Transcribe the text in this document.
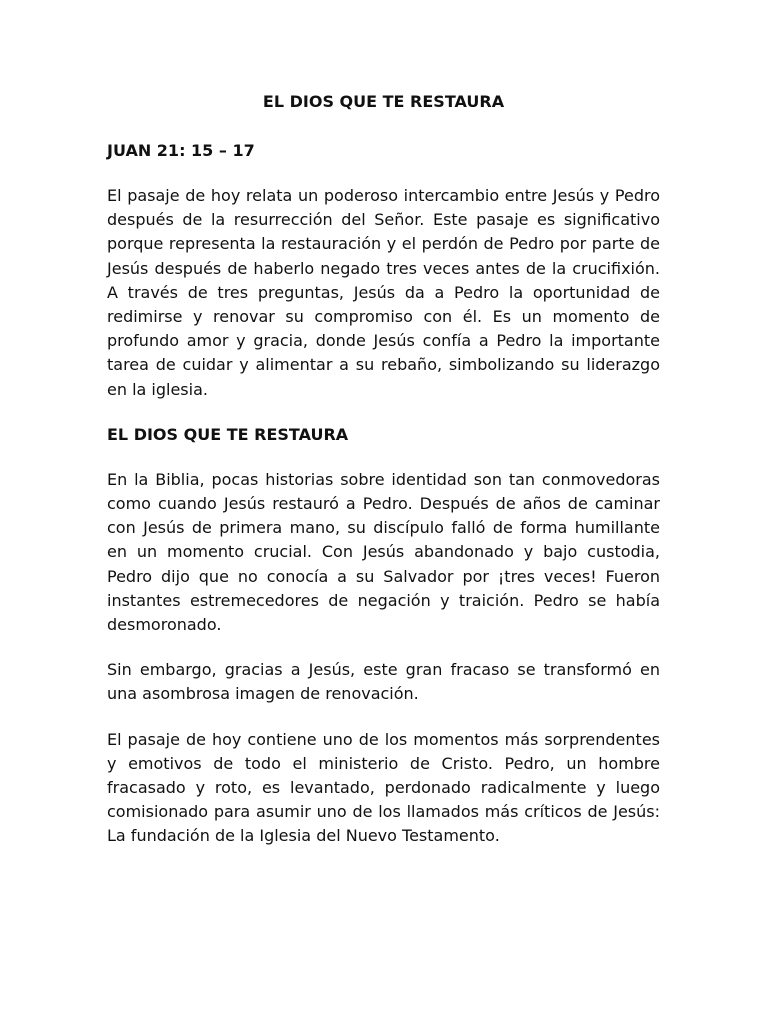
EL DIOS QUE TE RESTAURA
JUAN 21: 15 – 17

El pasaje de hoy relata un poderoso intercambio entre Jesús y Pedro después de la resurrección del Señor. Este pasaje es significativo porque representa la restauración y el perdón de Pedro por parte de Jesús después de haberlo negado tres veces antes de la crucifixión. A través de tres preguntas, Jesús da a Pedro la oportunidad de redimirse y renovar su compromiso con él. Es un momento de profundo amor y gracia, donde Jesús confía a Pedro la importante tarea de cuidar y alimentar a su rebaño, simbolizando su liderazgo en la iglesia.

EL DIOS QUE TE RESTAURA

En la Biblia, pocas historias sobre identidad son tan conmovedoras como cuando Jesús restauró a Pedro. Después de años de caminar con Jesús de primera mano, su discípulo falló de forma humillante en un momento crucial. Con Jesús abandonado y bajo custodia, Pedro dijo que no conocía a su Salvador por ¡tres veces! Fueron instantes estremecedores de negación y traición. Pedro se había desmoronado.

Sin embargo, gracias a Jesús, este gran fracaso se transformó en una asombrosa imagen de renovación.

El pasaje de hoy contiene uno de los momentos más sorprendentes y emotivos de todo el ministerio de Cristo. Pedro, un hombre fracasado y roto, es levantado, perdonado radicalmente y luego comisionado para asumir uno de los llamados más críticos de Jesús: La fundación de la Iglesia del Nuevo Testamento.
